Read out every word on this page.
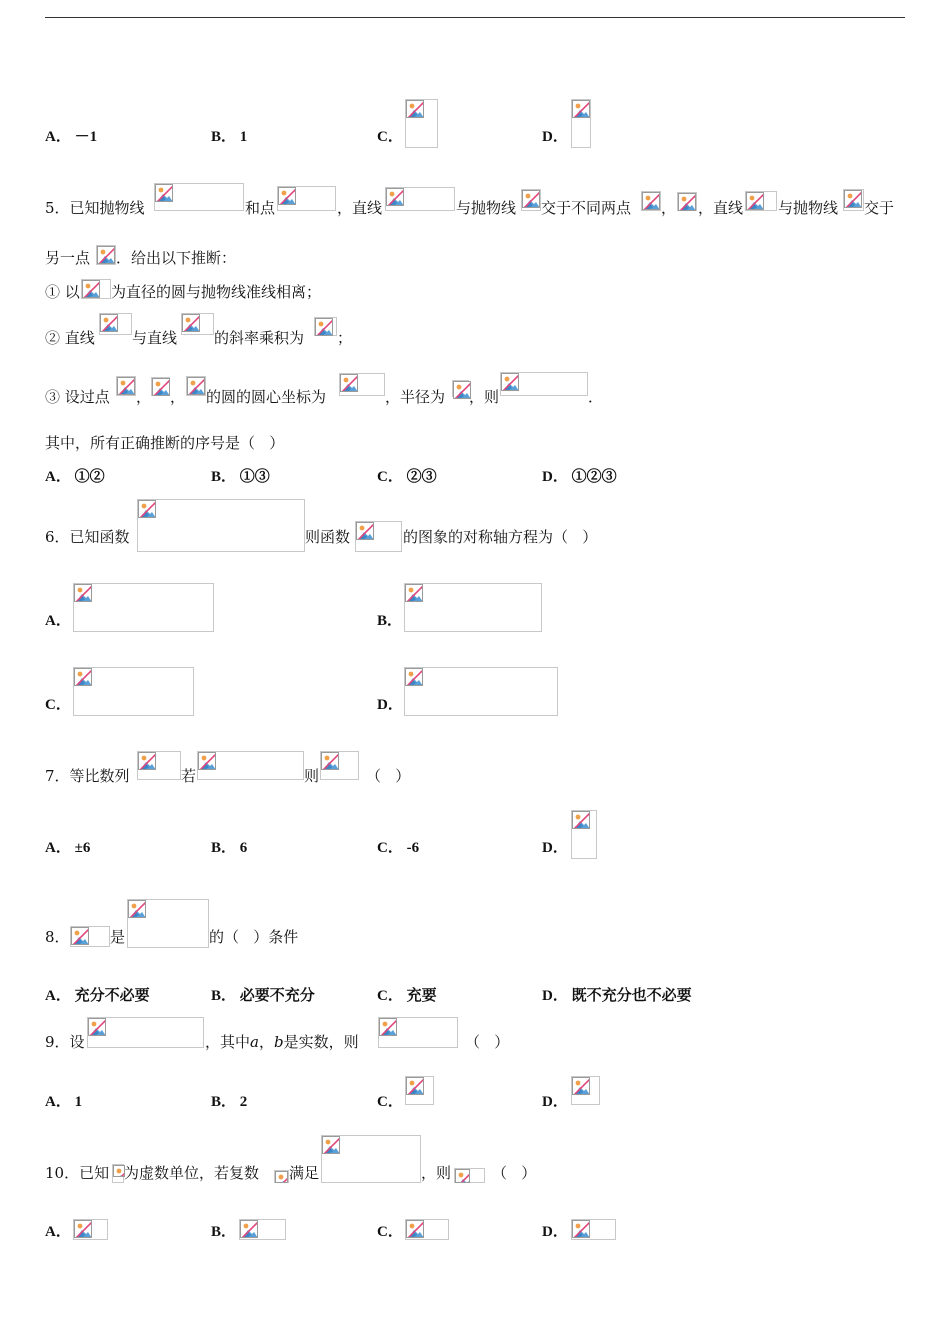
A． －1	B． 1	C．	D．
5．已知抛物线	和点	，直线	与抛物线 交于不同两点 ， ，直线 与抛物线 交于
另一点 ．给出以下推断：
① 以 为直径的圆与抛物线准线相离；
② 直线 与直线 的斜率乘积为 ；
③ 设过点 ， ， 的圆的圆心坐标为	，半径为 ，则	．
其中，所有正确推断的序号是（   ）
A． ①②	B． ①③	C． ②③	D． ①②③
6．已知函数	则函数	的图象的对称轴方程为（   ）
A．	B．
C．	D．
7．等比数列	若	则	（   ）
A． ±6	B． 6	C． -6	D．
8．	是	的（   ）条件
A． 充分不必要	B． 必要不充分	C． 充要	D． 既不充分也不必要
9．设	，其中a，b是实数，则	（   ）
A． 1	B． 2	C．	D．
10．已知 为虚数单位，若复数 满足	，则	（   ）
A．	B．	C．	D．
